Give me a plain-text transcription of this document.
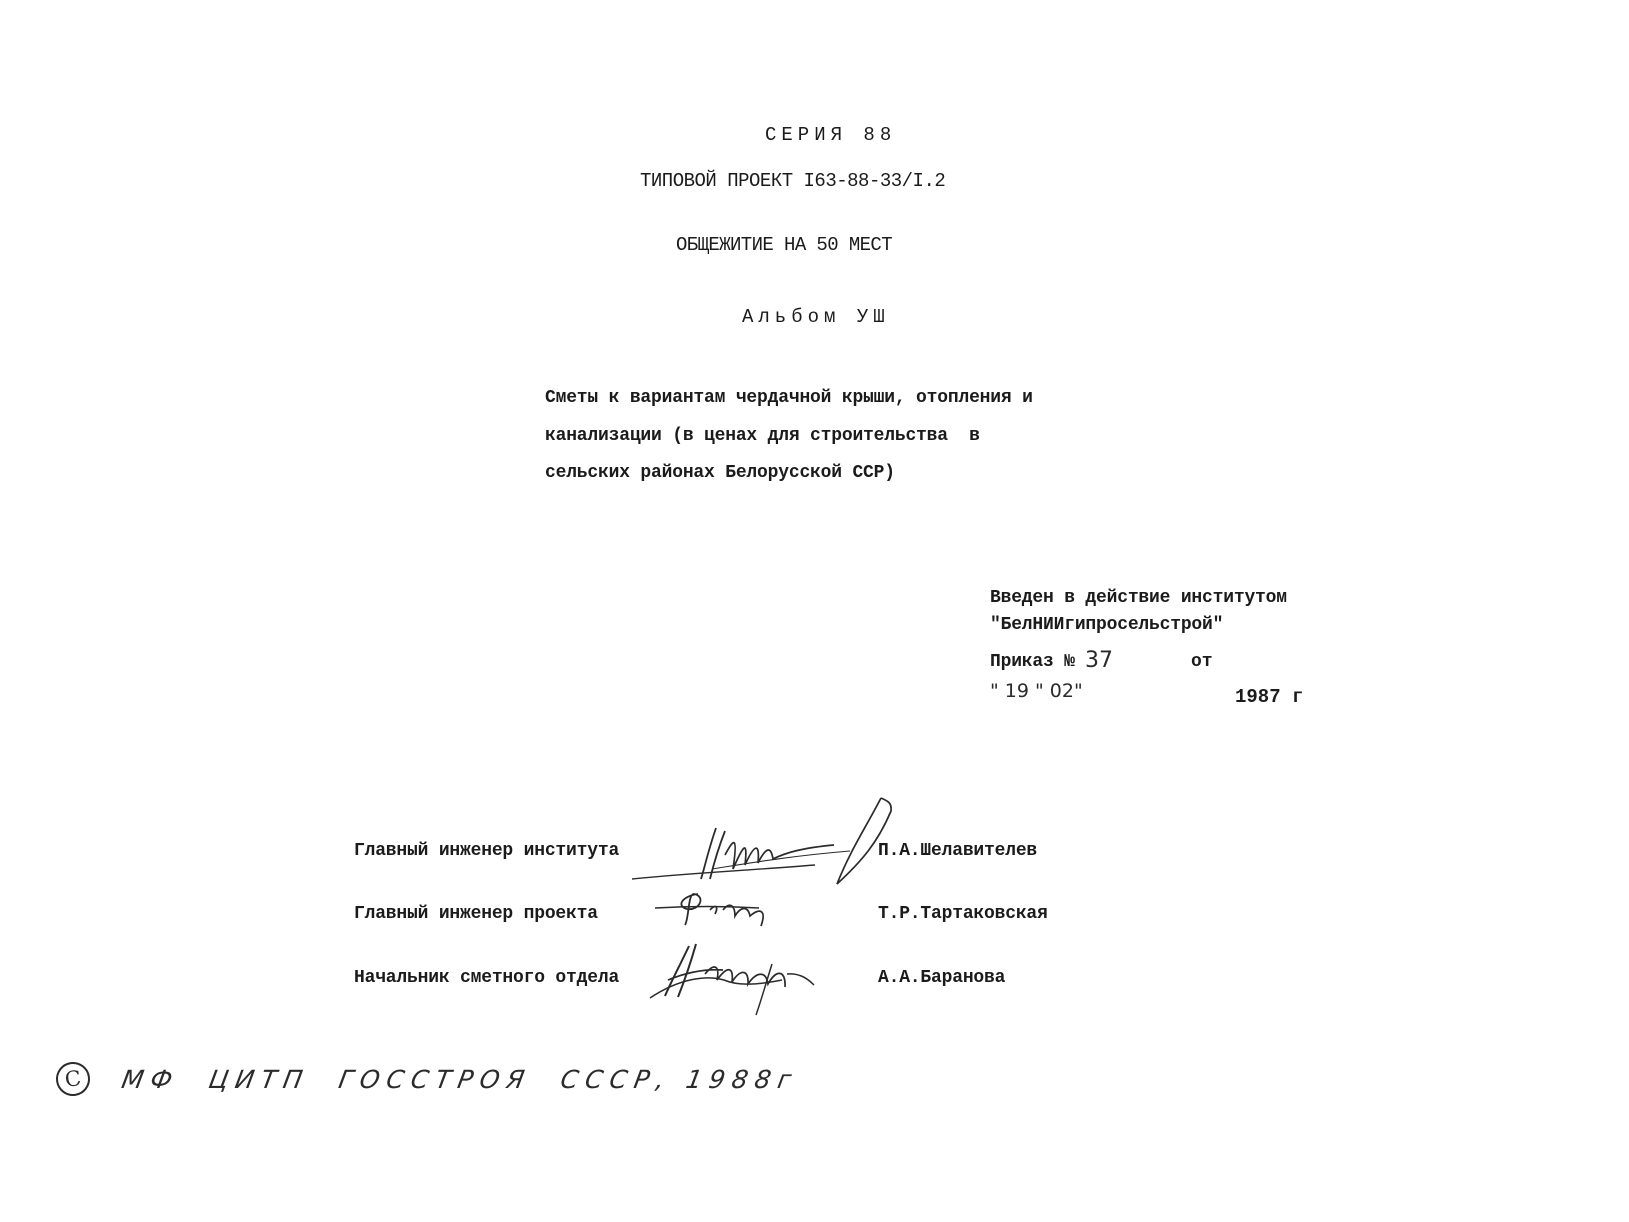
СЕРИЯ 88
ТИПОВОЙ ПРОЕКТ I63-88-33/I.2
ОБЩЕЖИТИЕ НА 50 МЕСТ
Альбом УШ
Сметы к вариантам чердачной крыши, отопления и
канализации (в ценах для строительства  в
сельских районах Белорусской ССР)
Введен в действие институтом
"БелНИИгипросельстрой"
Приказ № 37	от
" 19 " 02"	1987 г
Главный инженер института	П.А.Шелавителев
Главный инженер проекта	Т.Р.Тартаковская
Начальник сметного отдела	А.А.Баранова
C	МФ  ЦИТП  ГОССТРОЯ  СССР, 1988г
